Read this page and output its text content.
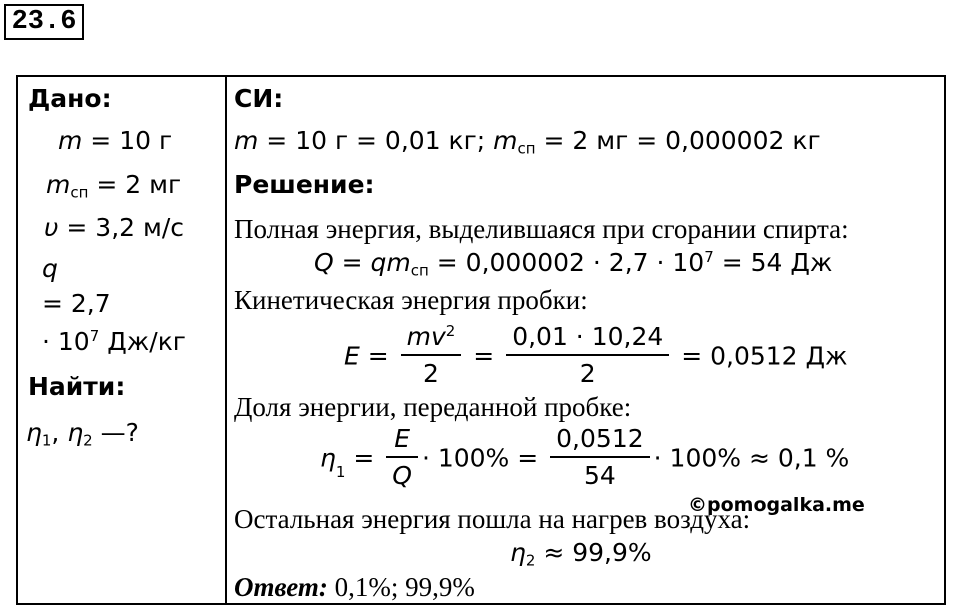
23.6
Дано:
m = 10 г
$m_{сп} = 2$ мг
υ = 3,2 м/с
q
= 2,7
· $10^7$ Дж/кг
Найти:
$\eta_1$, $\eta_2$ —?
СИ:
m = 10 г = 0,01 кг; $m_{сп} = 2$ мг = 0,000002 кг
Решение:
Полная энергия, выделившаяся при сгорании спирта:
$Q = qm_{сп} = 0,000002 \cdot 2,7 \cdot 10^7 = 54$ Дж
Кинетическая энергия пробки:
$E = \frac{mv^2}{2} = \frac{0,01 \cdot 10,24}{2} = 0,0512$ Дж
Доля энергии, переданной пробке:
$\eta_1 = \frac{E}{Q} \cdot 100\% = \frac{0,0512}{54} \cdot 100\% \approx 0,1$ %
©pomogalka.me
Остальная энергия пошла на нагрев воздуха:
$\eta_2 \approx 99,9\%$
Ответ: 0,1%; 99,9%
